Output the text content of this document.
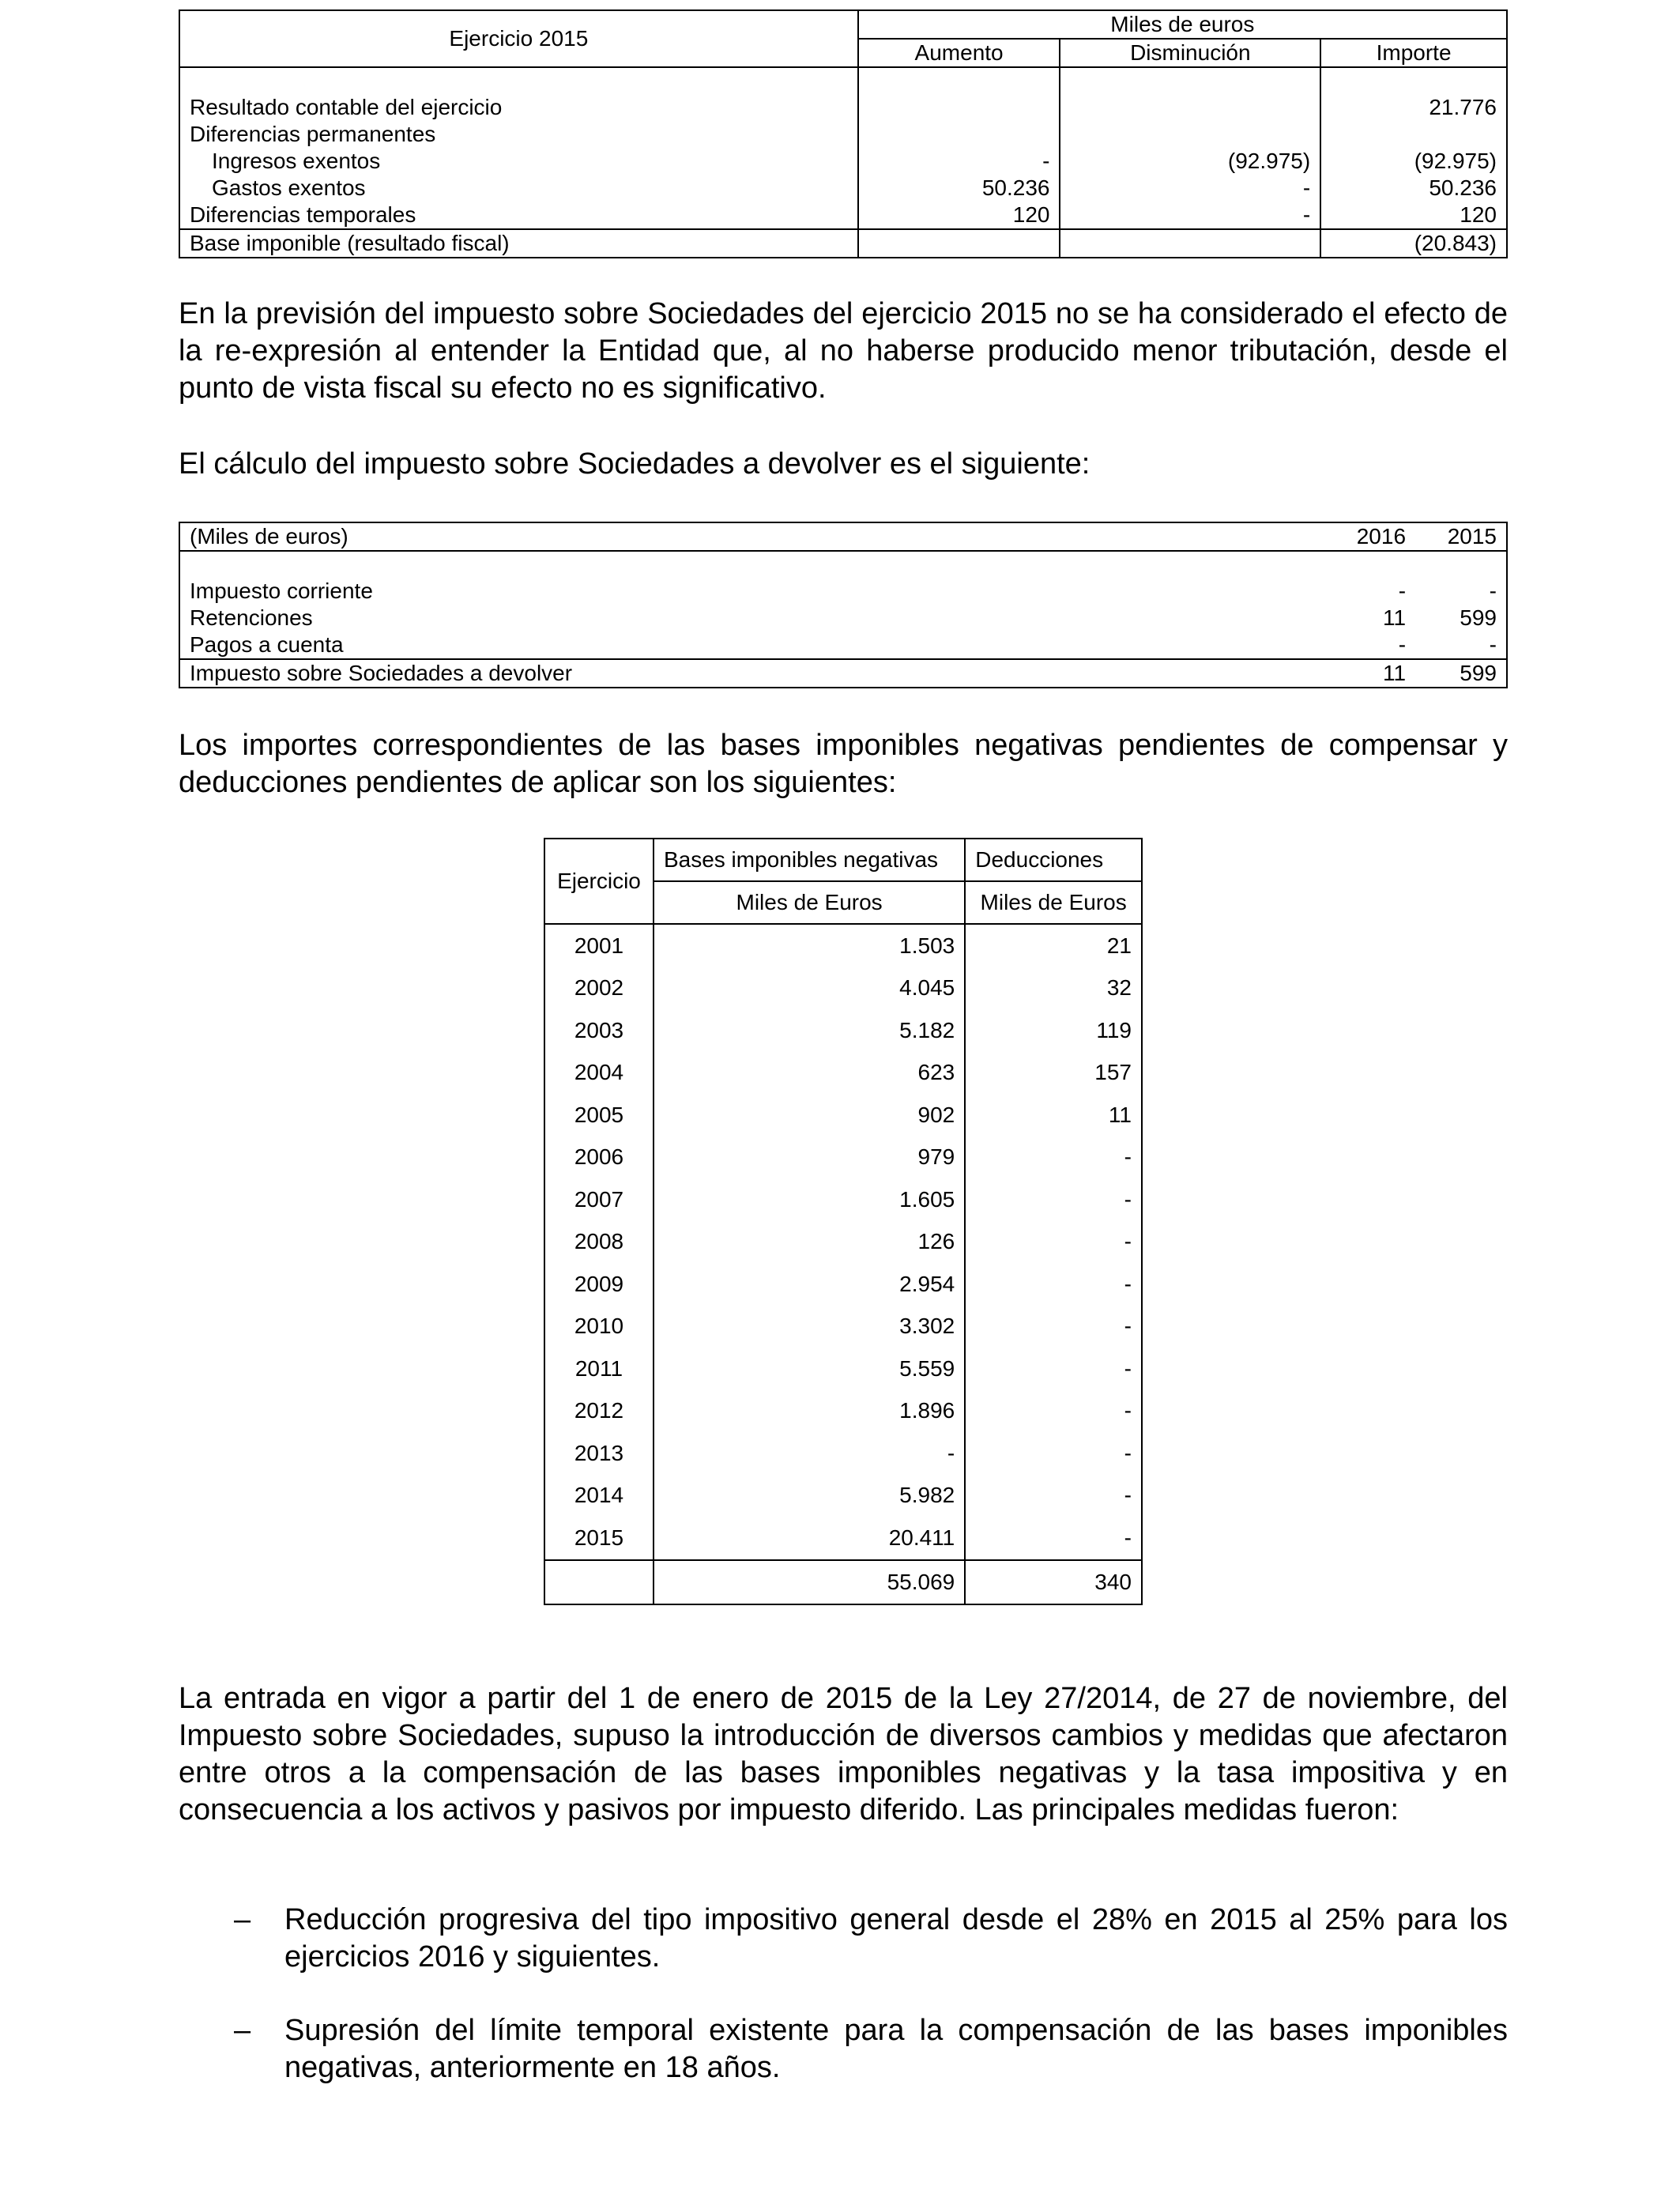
Ejercicio 2015	Miles de euros		
	Aumento	Disminución	Importe

Resultado contable del ejercicio			21.776
Diferencias permanentes			
Ingresos exentos	-	(92.975)	(92.975)
Gastos exentos	50.236	-	50.236
Diferencias temporales	120	-	120
Base imponible (resultado fiscal)			(20.843)
En la previsión del impuesto sobre Sociedades del ejercicio 2015 no se ha considerado el efecto de la re-expresión al entender la Entidad que, al no haberse producido menor tributación, desde el punto de vista fiscal su efecto no es significativo.
El cálculo del impuesto sobre Sociedades a devolver es el siguiente:
(Miles de euros)	2016	2015

Impuesto corriente	-	-
Retenciones	11	599
Pagos a cuenta	-	-
Impuesto sobre Sociedades a devolver	11	599
Los importes correspondientes de las bases imponibles negativas pendientes de compensar y deducciones pendientes de aplicar son los siguientes:
Ejercicio	Bases imponibles negativas	Deducciones
	Miles de Euros	Miles de Euros
2001	1.503	21
2002	4.045	32
2003	5.182	119
2004	623	157
2005	902	11
2006	979	-
2007	1.605	-
2008	126	-
2009	2.954	-
2010	3.302	-
2011	5.559	-
2012	1.896	-
2013	-	-
2014	5.982	-
2015	20.411	-
	55.069	340
La entrada en vigor a partir del 1 de enero de 2015 de la Ley 27/2014, de 27 de noviembre, del Impuesto sobre Sociedades, supuso la introducción de diversos cambios y medidas que afectaron entre otros a la compensación de las bases imponibles negativas y la tasa impositiva y en consecuencia a los activos y pasivos por impuesto diferido. Las principales medidas fueron:
– Reducción progresiva del tipo impositivo general desde el 28% en 2015 al 25% para los ejercicios 2016 y siguientes.
– Supresión del límite temporal existente para la compensación de las bases imponibles negativas, anteriormente en 18 años.
